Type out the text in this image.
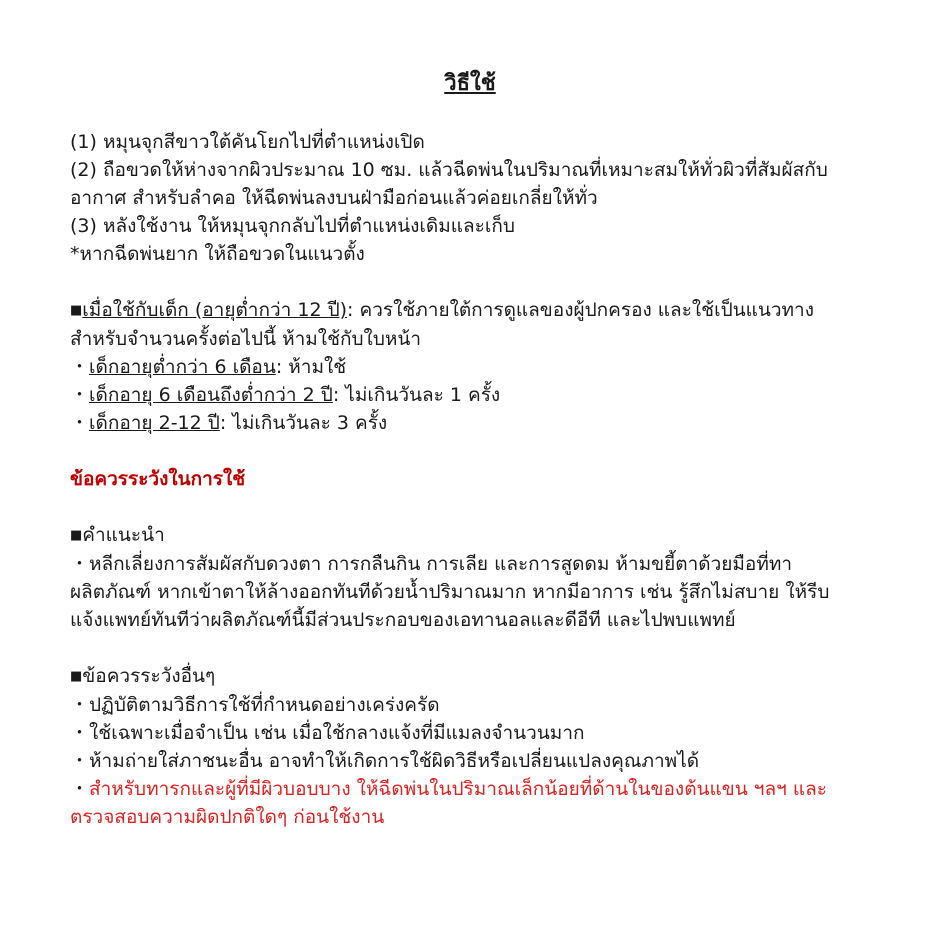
วิธีใช้
(1) หมุนจุกสีขาวใต้คันโยกไปที่ตำแหน่งเปิด
(2) ถือขวดให้ห่างจากผิวประมาณ 10 ซม. แล้วฉีดพ่นในปริมาณที่เหมาะสมให้ทั่วผิวที่สัมผัสกับ
อากาศ สำหรับลำคอ ให้ฉีดพ่นลงบนฝ่ามือก่อนแล้วค่อยเกลี่ยให้ทั่ว
(3) หลังใช้งาน ให้หมุนจุกกลับไปที่ตำแหน่งเดิมและเก็บ
*หากฉีดพ่นยาก ให้ถือขวดในแนวตั้ง
■เมื่อใช้กับเด็ก (อายุต่ำกว่า 12 ปี): ควรใช้ภายใต้การดูแลของผู้ปกครอง และใช้เป็นแนวทาง
สำหรับจำนวนครั้งต่อไปนี้ ห้ามใช้กับใบหน้า
・เด็กอายุต่ำกว่า 6 เดือน: ห้ามใช้
・เด็กอายุ 6 เดือนถึงต่ำกว่า 2 ปี: ไม่เกินวันละ 1 ครั้ง
・เด็กอายุ 2-12 ปี: ไม่เกินวันละ 3 ครั้ง
ข้อควรระวังในการใช้
■คำแนะนำ
・หลีกเลี่ยงการสัมผัสกับดวงตา การกลืนกิน การเลีย และการสูดดม ห้ามขยี้ตาด้วยมือที่ทา
ผลิตภัณฑ์ หากเข้าตาให้ล้างออกทันทีด้วยน้ำปริมาณมาก หากมีอาการ เช่น รู้สึกไม่สบาย ให้รีบ
แจ้งแพทย์ทันทีว่าผลิตภัณฑ์นี้มีส่วนประกอบของเอทานอลและดีอีที และไปพบแพทย์
■ข้อควรระวังอื่นๆ
・ปฏิบัติตามวิธีการใช้ที่กำหนดอย่างเคร่งครัด
・ใช้เฉพาะเมื่อจำเป็น เช่น เมื่อใช้กลางแจ้งที่มีแมลงจำนวนมาก
・ห้ามถ่ายใส่ภาชนะอื่น อาจทำให้เกิดการใช้ผิดวิธีหรือเปลี่ยนแปลงคุณภาพได้
・สำหรับทารกและผู้ที่มีผิวบอบบาง ให้ฉีดพ่นในปริมาณเล็กน้อยที่ด้านในของต้นแขน ฯลฯ และ
ตรวจสอบความผิดปกติใดๆ ก่อนใช้งาน
